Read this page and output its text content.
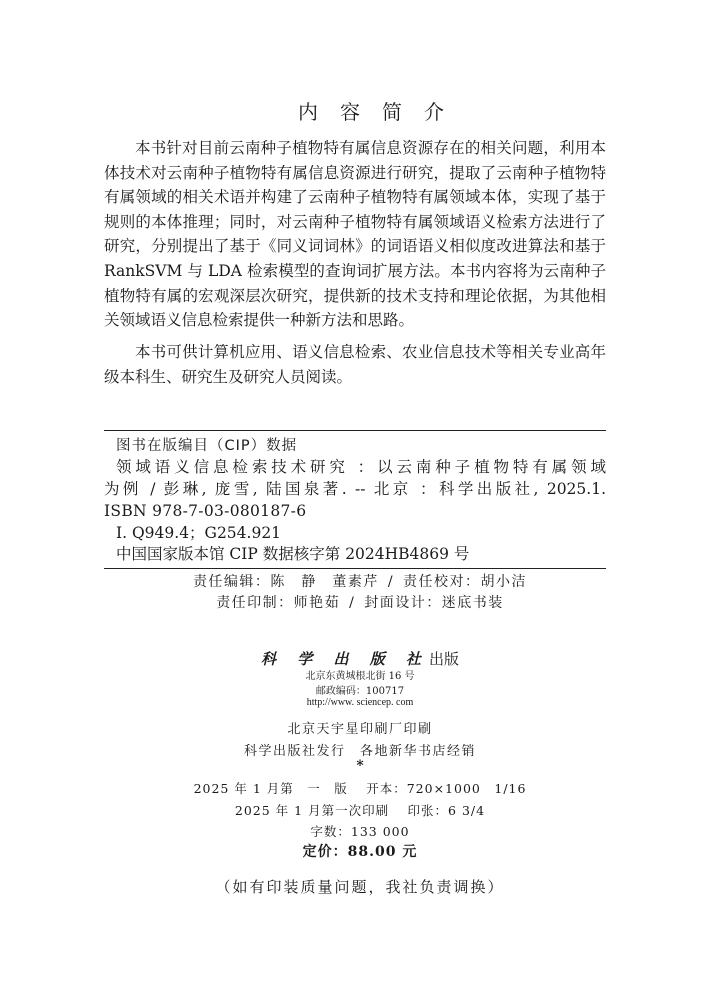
内容简介

本书针对目前云南种子植物特有属信息资源存在的相关问题，利用本体技术对云南种子植物特有属信息资源进行研究，提取了云南种子植物特有属领域的相关术语并构建了云南种子植物特有属领域本体，实现了基于规则的本体推理；同时，对云南种子植物特有属领域语义检索方法进行了研究，分别提出了基于《同义词词林》的词语语义相似度改进算法和基于 RankSVM 与 LDA 检索模型的查询词扩展方法。本书内容将为云南种子植物特有属的宏观深层次研究，提供新的技术支持和理论依据，为其他相关领域语义信息检索提供一种新方法和思路。

本书可供计算机应用、语义信息检索、农业信息技术等相关专业高年级本科生、研究生及研究人员阅读。

图书在版编目（CIP）数据
领域语义信息检索技术研究 ：以云南种子植物特有属领域
为例 / 彭琳, 庞雪, 陆国泉著. -- 北京 ：科学出版社, 2025.1.
ISBN 978-7-03-080187-6
Ⅰ. Q949.4；G254.921
中国国家版本馆 CIP 数据核字第 2024HB4869 号
责任编辑：陈　静　董素芹 / 责任校对：胡小洁
责任印制：师艳茹 / 封面设计：迷底书装
科 学 出 版 社出版
北京东黄城根北街 16 号
邮政编码：100717
http://www. sciencep. com
北京天宇星印刷厂印刷
科学出版社发行　各地新华书店经销
*
2025 年 1 月第　一　版　 开本：720×1000　1/16
2025 年 1 月第一次印刷　 印张：6 3/4
字数：133 000
定价：88.00 元
（如有印装质量问题，我社负责调换）
